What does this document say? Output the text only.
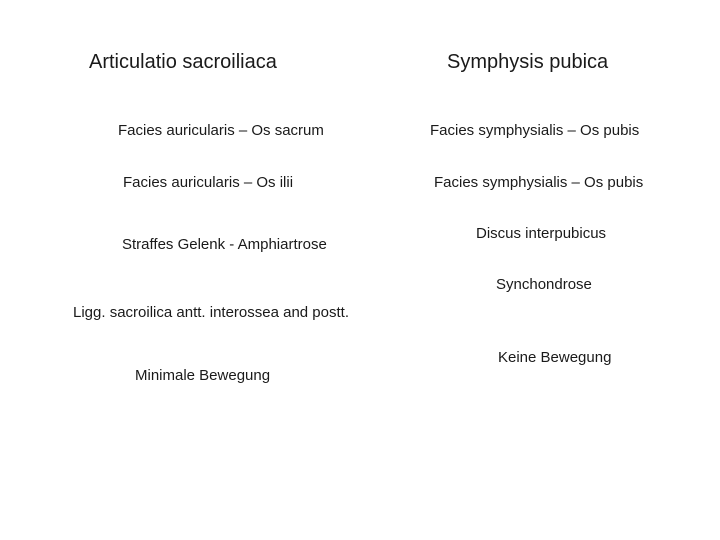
Articulatio sacroiliaca	Symphysis pubica
Facies auricularis – Os sacrum
Facies auricularis – Os ilii
Straffes Gelenk - Amphiartrose
Ligg. sacroilica antt. interossea and postt.
Minimale Bewegung
Facies symphysialis – Os pubis
Facies symphysialis – Os pubis
Discus interpubicus
Synchondrose
Keine Bewegung
